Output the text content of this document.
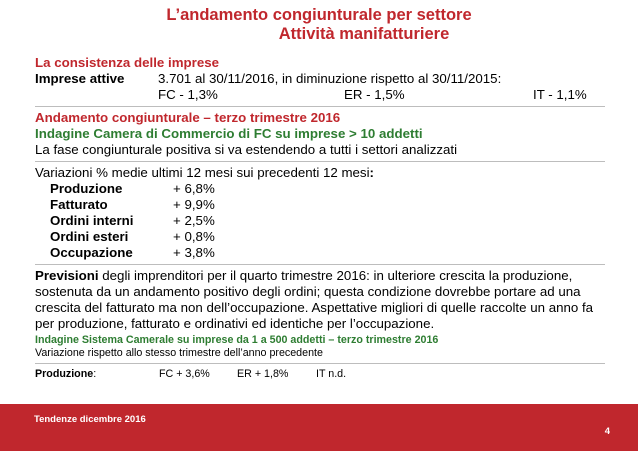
L’andamento congiunturale per settore
Attività manifatturiere
La consistenza delle imprese
Imprese attive	3.701 al 30/11/2016, in diminuzione rispetto al 30/11/2015:
FC - 1,3%	ER - 1,5%	IT - 1,1%
Andamento congiunturale – terzo trimestre 2016
Indagine Camera di Commercio di FC su imprese > 10 addetti
La fase congiunturale positiva si va estendendo a tutti i settori analizzati
Variazioni % medie ultimi 12 mesi sui precedenti 12 mesi:
Produzione	+ 6,8%
Fatturato	+ 9,9%
Ordini interni	+ 2,5%
Ordini esteri	+ 0,8%
Occupazione	+ 3,8%
Previsioni degli imprenditori per il quarto trimestre 2016: in ulteriore crescita la produzione, sostenuta da un andamento positivo degli ordini; questa condizione dovrebbe portare ad una crescita del fatturato ma non dell’occupazione. Aspettative migliori di quelle raccolte un anno fa per produzione, fatturato e ordinativi ed identiche per l’occupazione.
Indagine Sistema Camerale su imprese da 1 a 500 addetti – terzo trimestre 2016
Variazione rispetto allo stesso trimestre dell’anno precedente
Produzione:	FC + 3,6%	ER + 1,8%	IT n.d.
Tendenze dicembre 2016
4
